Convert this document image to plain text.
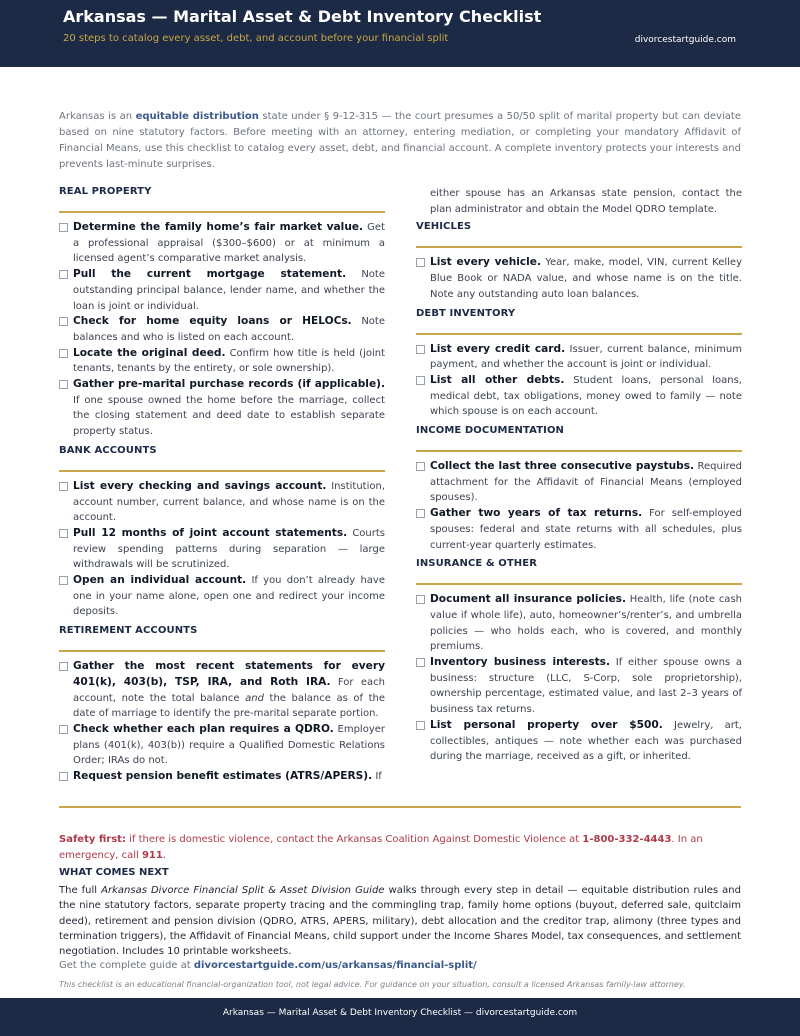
Arkansas — Marital Asset & Debt Inventory Checklist
20 steps to catalog every asset, debt, and account before your financial split	divorcestartguide.com

Arkansas is an equitable distribution state under § 9-12-315 — the court presumes a 50/50 split of marital property but can deviate based on nine statutory factors. Before meeting with an attorney, entering mediation, or completing your mandatory Affidavit of Financial Means, use this checklist to catalog every asset, debt, and financial account. A complete inventory protects your interests and prevents last-minute surprises.

REAL PROPERTY
Determine the family home’s fair market value. Get a professional appraisal ($300–$600) or at minimum a licensed agent’s comparative market analysis.
Pull the current mortgage statement. Note outstanding principal balance, lender name, and whether the loan is joint or individual.
Check for home equity loans or HELOCs. Note balances and who is listed on each account.
Locate the original deed. Confirm how title is held (joint tenants, tenants by the entirety, or sole ownership).
Gather pre-marital purchase records (if applicable). If one spouse owned the home before the marriage, collect the closing statement and deed date to establish separate property status.
BANK ACCOUNTS
List every checking and savings account. Institution, account number, current balance, and whose name is on the account.
Pull 12 months of joint account statements. Courts review spending patterns during separation — large withdrawals will be scrutinized.
Open an individual account. If you don’t already have one in your name alone, open one and redirect your income deposits.
RETIREMENT ACCOUNTS
Gather the most recent statements for every 401(k), 403(b), TSP, IRA, and Roth IRA. For each account, note the total balance and the balance as of the date of marriage to identify the pre-marital separate portion.
Check whether each plan requires a QDRO. Employer plans (401(k), 403(b)) require a Qualified Domestic Relations Order; IRAs do not.
Request pension benefit estimates (ATRS/APERS). If
either spouse has an Arkansas state pension, contact the plan administrator and obtain the Model QDRO template.
VEHICLES
List every vehicle. Year, make, model, VIN, current Kelley Blue Book or NADA value, and whose name is on the title. Note any outstanding auto loan balances.
DEBT INVENTORY
List every credit card. Issuer, current balance, minimum payment, and whether the account is joint or individual.
List all other debts. Student loans, personal loans, medical debt, tax obligations, money owed to family — note which spouse is on each account.
INCOME DOCUMENTATION
Collect the last three consecutive paystubs. Required attachment for the Affidavit of Financial Means (employed spouses).
Gather two years of tax returns. For self-employed spouses: federal and state returns with all schedules, plus current-year quarterly estimates.
INSURANCE & OTHER
Document all insurance policies. Health, life (note cash value if whole life), auto, homeowner’s/renter’s, and umbrella policies — who holds each, who is covered, and monthly premiums.
Inventory business interests. If either spouse owns a business: structure (LLC, S-Corp, sole proprietorship), ownership percentage, estimated value, and last 2–3 years of business tax returns.
List personal property over $500. Jewelry, art, collectibles, antiques — note whether each was purchased during the marriage, received as a gift, or inherited.

Safety first: if there is domestic violence, contact the Arkansas Coalition Against Domestic Violence at 1-800-332-4443. In an emergency, call 911.

WHAT COMES NEXT

The full Arkansas Divorce Financial Split & Asset Division Guide walks through every step in detail — equitable distribution rules and the nine statutory factors, separate property tracing and the commingling trap, family home options (buyout, deferred sale, quitclaim deed), retirement and pension division (QDRO, ATRS, APERS, military), debt allocation and the creditor trap, alimony (three types and termination triggers), the Affidavit of Financial Means, child support under the Income Shares Model, tax consequences, and settlement negotiation. Includes 10 printable worksheets.

Get the complete guide at divorcestartguide.com/us/arkansas/financial-split/

This checklist is an educational financial-organization tool, not legal advice. For guidance on your situation, consult a licensed Arkansas family-law attorney.

Arkansas — Marital Asset & Debt Inventory Checklist — divorcestartguide.com
